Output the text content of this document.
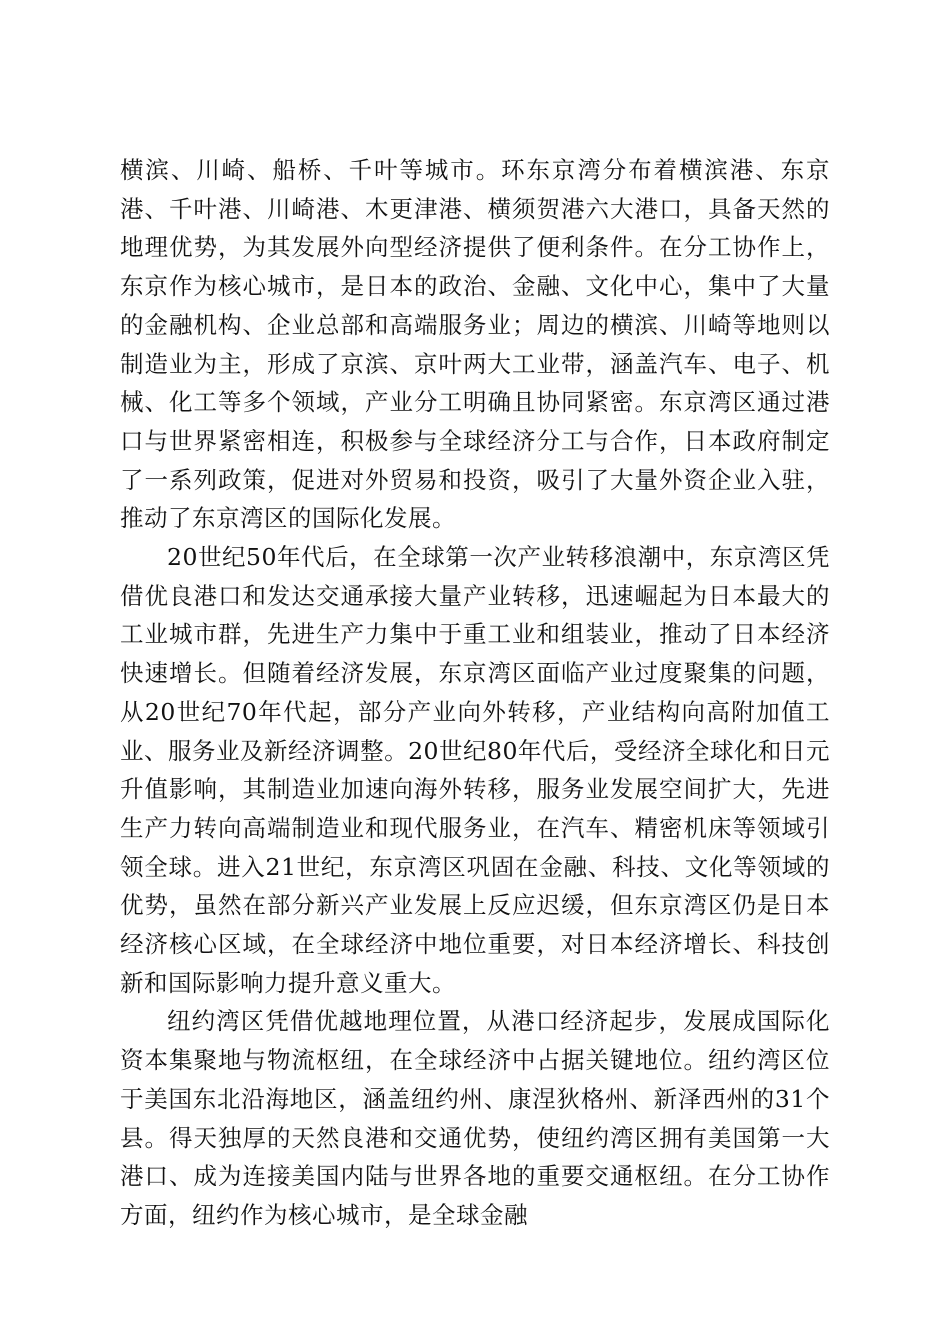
横滨、川崎、船桥、千叶等城市。环东京湾分布着横滨港、东京港、千叶港、川崎港、木更津港、横须贺港六大港口，具备天然的地理优势，为其发展外向型经济提供了便利条件。在分工协作上，东京作为核心城市，是日本的政治、金融、文化中心，集中了大量的金融机构、企业总部和高端服务业；周边的横滨、川崎等地则以制造业为主，形成了京滨、京叶两大工业带，涵盖汽车、电子、机械、化工等多个领域，产业分工明确且协同紧密。东京湾区通过港口与世界紧密相连，积极参与全球经济分工与合作，日本政府制定了一系列政策，促进对外贸易和投资，吸引了大量外资企业入驻，推动了东京湾区的国际化发展。

20世纪50年代后，在全球第一次产业转移浪潮中，东京湾区凭借优良港口和发达交通承接大量产业转移，迅速崛起为日本最大的工业城市群，先进生产力集中于重工业和组装业，推动了日本经济快速增长。但随着经济发展，东京湾区面临产业过度聚集的问题，从20世纪70年代起，部分产业向外转移，产业结构向高附加值工业、服务业及新经济调整。20世纪80年代后，受经济全球化和日元升值影响，其制造业加速向海外转移，服务业发展空间扩大，先进生产力转向高端制造业和现代服务业，在汽车、精密机床等领域引领全球。进入21世纪，东京湾区巩固在金融、科技、文化等领域的优势，虽然在部分新兴产业发展上反应迟缓，但东京湾区仍是日本经济核心区域，在全球经济中地位重要，对日本经济增长、科技创新和国际影响力提升意义重大。

纽约湾区凭借优越地理位置，从港口经济起步，发展成国际化资本集聚地与物流枢纽，在全球经济中占据关键地位。纽约湾区位于美国东北沿海地区，涵盖纽约州、康涅狄格州、新泽西州的31个县。得天独厚的天然良港和交通优势，使纽约湾区拥有美国第一大港口、成为连接美国内陆与世界各地的重要交通枢纽。在分工协作方面，纽约作为核心城市，是全球金融
